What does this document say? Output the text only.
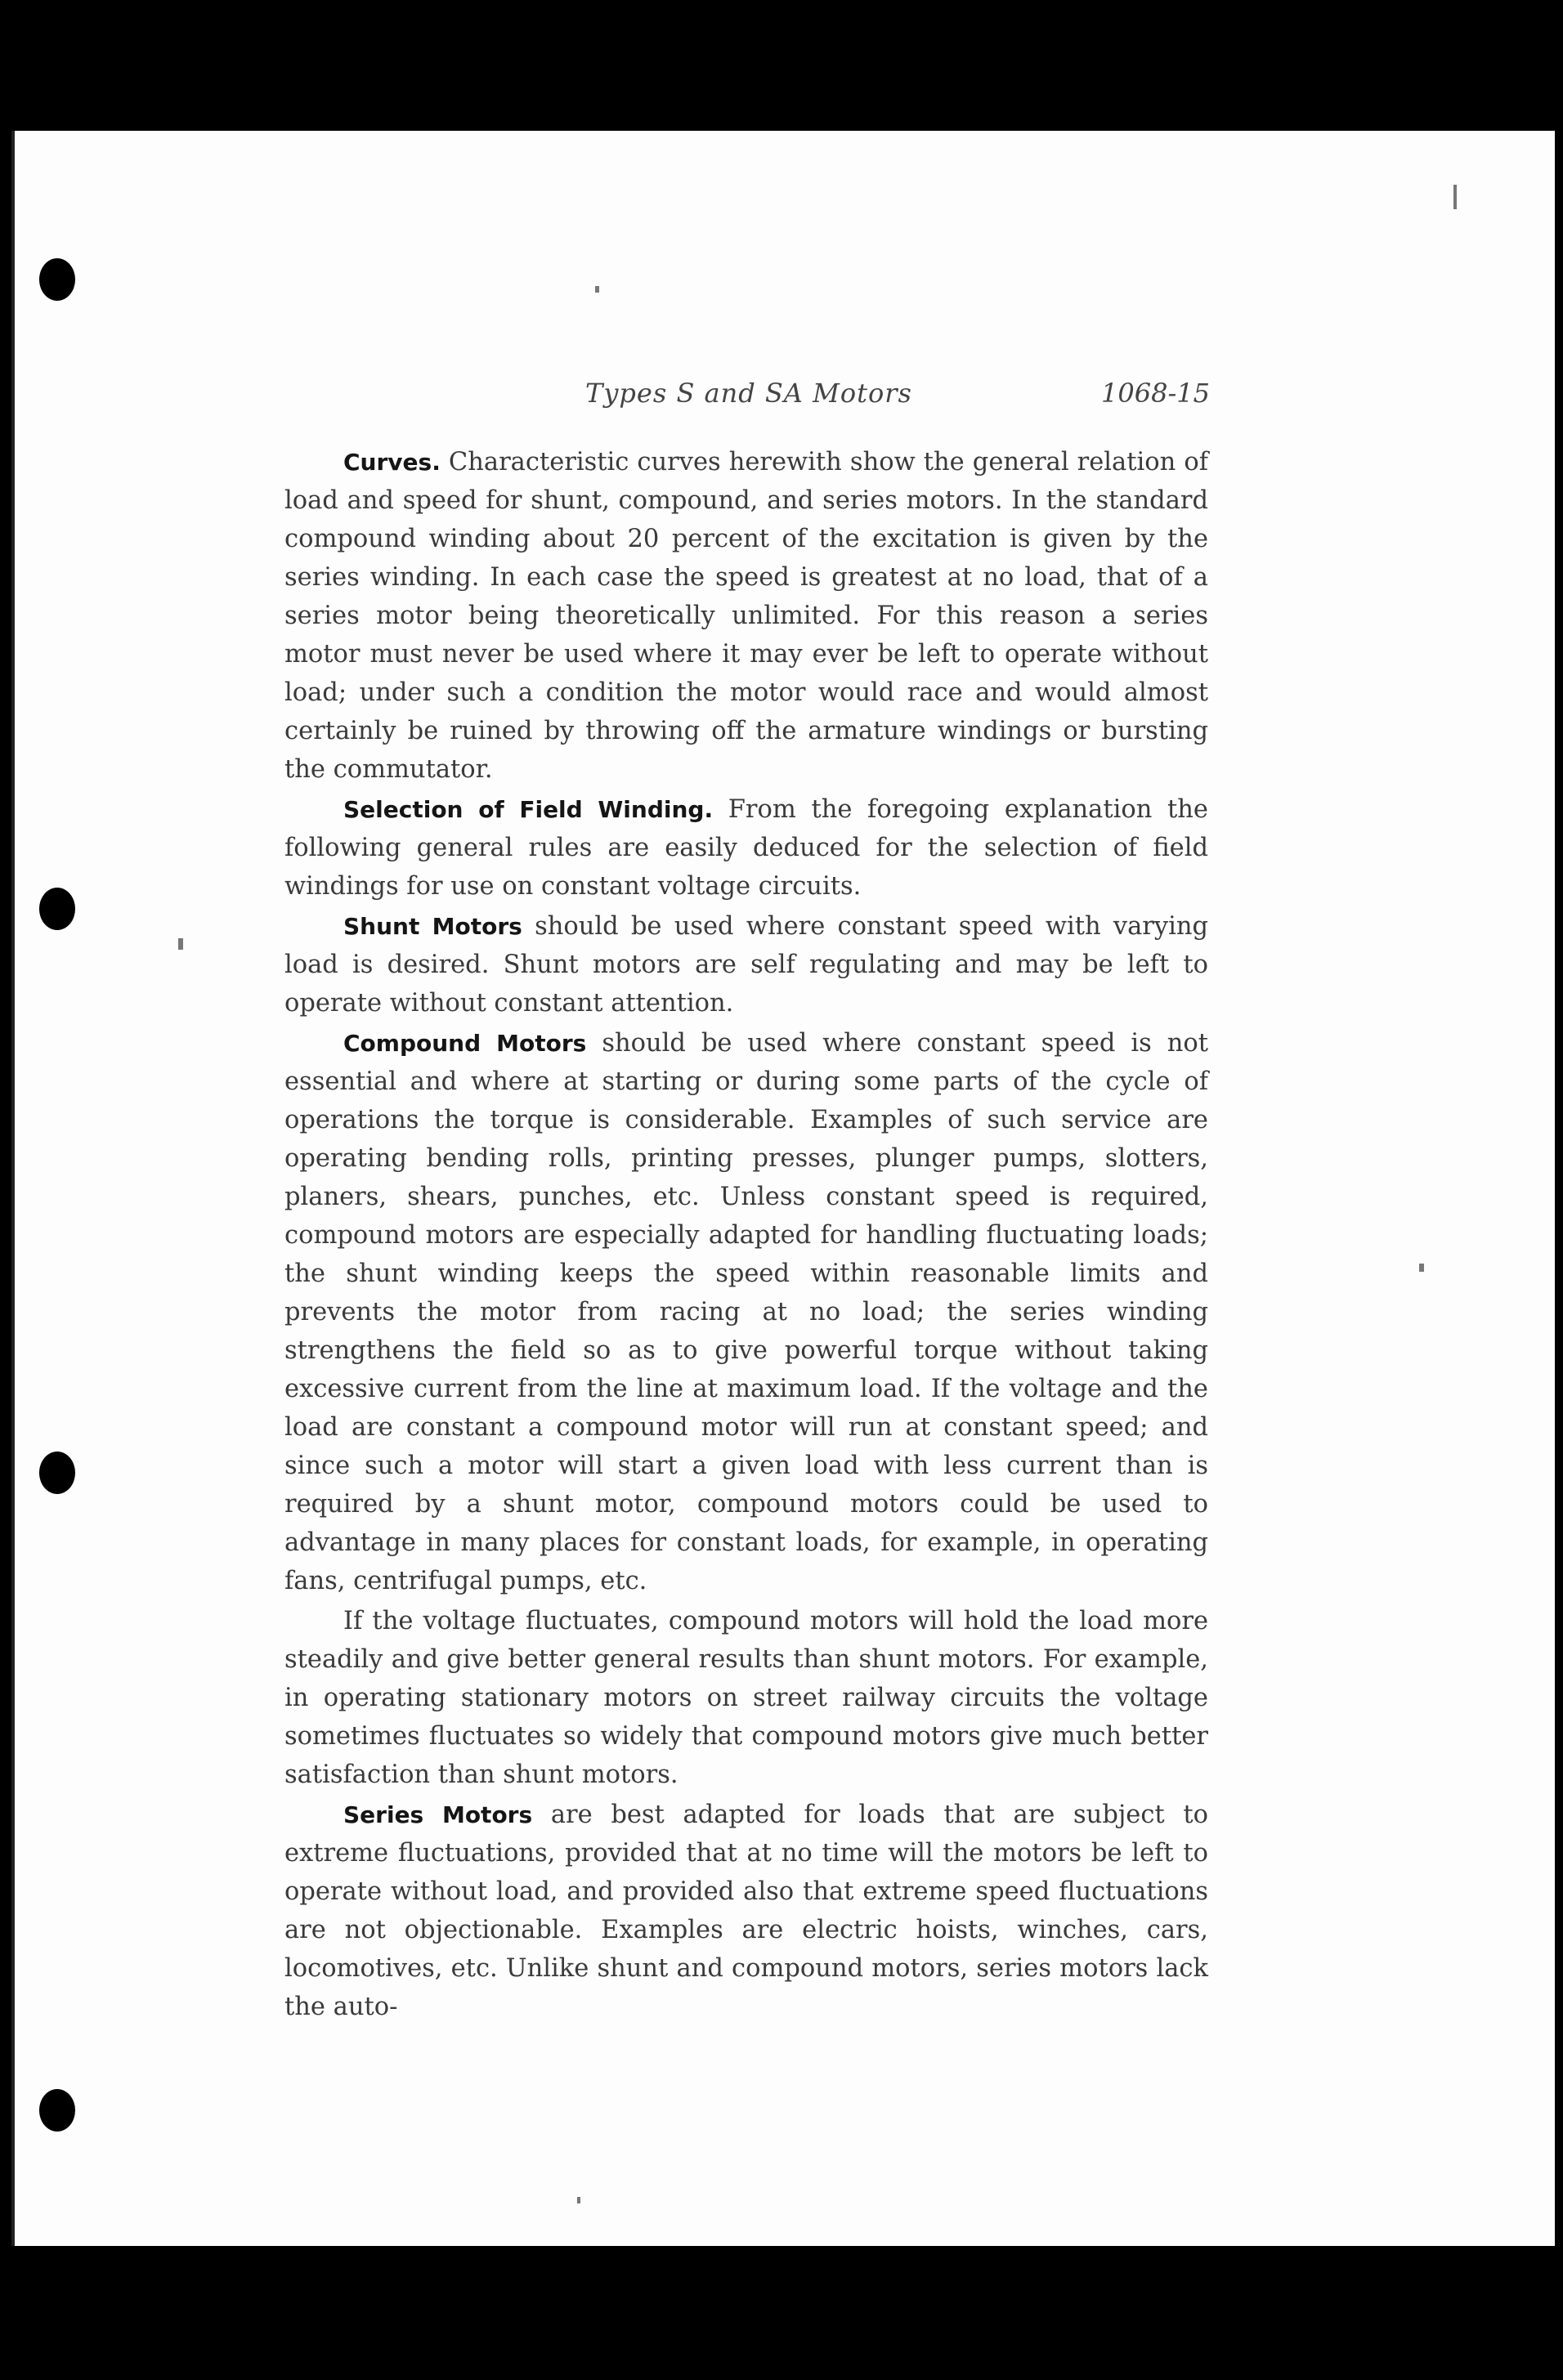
Types S and SA Motors	1068-15

Curves. Characteristic curves herewith show the general relation of load and speed for shunt, compound, and series motors. In the standard compound winding about 20 percent of the excitation is given by the series winding. In each case the speed is greatest at no load, that of a series motor being theoretically unlimited. For this reason a series motor must never be used where it may ever be left to operate without load; under such a condition the motor would race and would almost certainly be ruined by throwing off the armature windings or bursting the commutator.

Selection of Field Winding. From the foregoing explanation the following general rules are easily deduced for the selection of field windings for use on constant voltage circuits.

Shunt Motors should be used where constant speed with varying load is desired. Shunt motors are self regulating and may be left to operate without constant attention.

Compound Motors should be used where constant speed is not essential and where at starting or during some parts of the cycle of operations the torque is considerable. Examples of such service are operating bending rolls, printing presses, plunger pumps, slotters, planers, shears, punches, etc. Unless constant speed is required, compound motors are especially adapted for handling fluctuating loads; the shunt winding keeps the speed within reasonable limits and prevents the motor from racing at no load; the series winding strengthens the field so as to give powerful torque without taking excessive current from the line at maximum load. If the voltage and the load are constant a compound motor will run at constant speed; and since such a motor will start a given load with less current than is required by a shunt motor, compound motors could be used to advantage in many places for constant loads, for example, in operating fans, centrifugal pumps, etc.

If the voltage fluctuates, compound motors will hold the load more steadily and give better general results than shunt motors. For example, in operating stationary motors on street railway circuits the voltage sometimes fluctuates so widely that compound motors give much better satisfaction than shunt motors.

Series Motors are best adapted for loads that are subject to extreme fluctuations, provided that at no time will the motors be left to operate without load, and provided also that extreme speed fluctuations are not objectionable. Examples are electric hoists, winches, cars, locomotives, etc. Unlike shunt and compound motors, series motors lack the auto-
